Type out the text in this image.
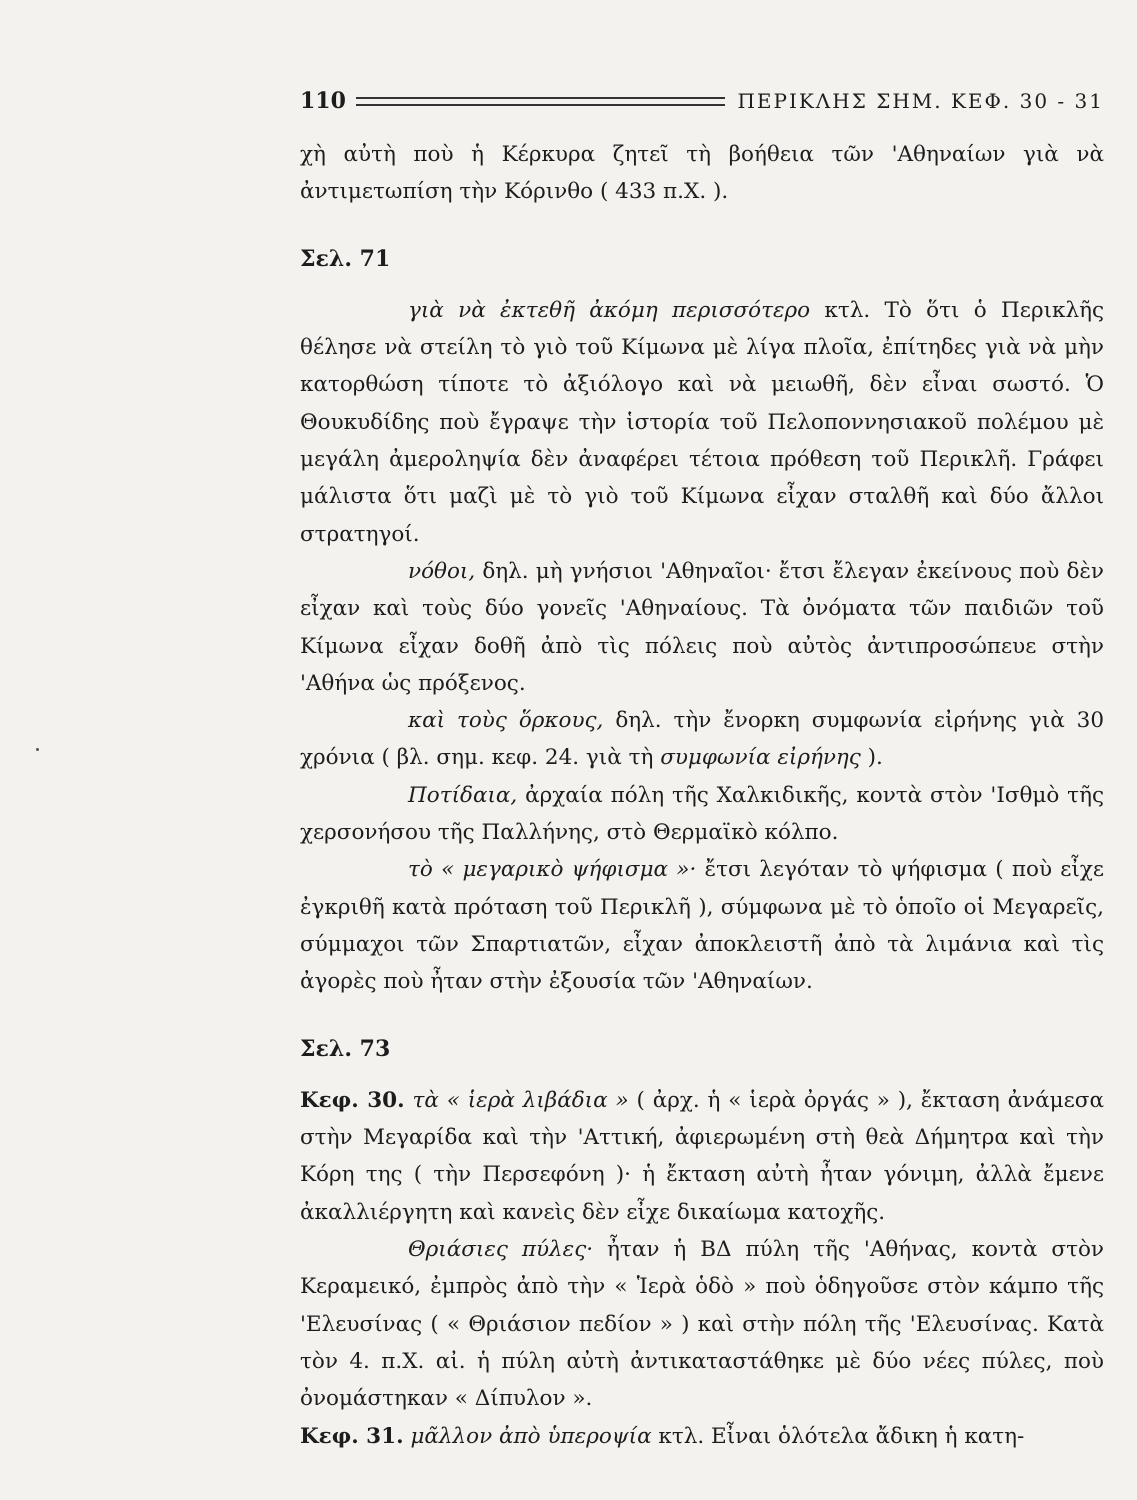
110	ΠΕΡΙΚΛΗΣ ΣΗΜ. ΚΕΦ. 30 - 31

χὴ αὐτὴ ποὺ ἡ Κέρκυρα ζητεῖ τὴ βοήθεια τῶν 'Αθηναίων γιὰ νὰ ἀντιμετωπίση τὴν Κόρινθο ( 433 π.Χ. ).

Σελ. 71

γιὰ νὰ ἐκτεθῆ ἀκόμη περισσότερο κτλ. Τὸ ὅτι ὁ Περικλῆς θέλησε νὰ στείλη τὸ γιὸ τοῦ Κίμωνα μὲ λίγα πλοῖα, ἐπίτηδες γιὰ νὰ μὴν κατορθώση τίποτε τὸ ἀξιόλογο καὶ νὰ μειωθῆ, δὲν εἶναι σωστό. Ὁ Θουκυδίδης ποὺ ἔγραψε τὴν ἱστορία τοῦ Πελοποννησιακοῦ πολέμου μὲ μεγάλη ἀμεροληψία δὲν ἀναφέρει τέτοια πρόθεση τοῦ Περικλῆ. Γράφει μάλιστα ὅτι μαζὶ μὲ τὸ γιὸ τοῦ Κίμωνα εἶχαν σταλθῆ καὶ δύο ἄλλοι στρατηγοί.

νόθοι, δηλ. μὴ γνήσιοι 'Αθηναῖοι· ἔτσι ἔλεγαν ἐκείνους ποὺ δὲν εἶχαν καὶ τοὺς δύο γονεῖς 'Αθηναίους. Τὰ ὀνόματα τῶν παιδιῶν τοῦ Κίμωνα εἶχαν δοθῆ ἀπὸ τὶς πόλεις ποὺ αὐτὸς ἀντιπροσώπευε στὴν 'Αθήνα ὡς πρόξενος.

καὶ τοὺς ὅρκους, δηλ. τὴν ἔνορκη συμφωνία εἰρήνης γιὰ 30 χρόνια ( βλ. σημ. κεφ. 24. γιὰ τὴ συμφωνία εἰρήνης ).

Ποτίδαια, ἀρχαία πόλη τῆς Χαλκιδικῆς, κοντὰ στὸν 'Ισθμὸ τῆς χερσονήσου τῆς Παλλήνης, στὸ Θερμαϊκὸ κόλπο.

τὸ « μεγαρικὸ ψήφισμα »· ἔτσι λεγόταν τὸ ψήφισμα ( ποὺ εἶχε ἐγκριθῆ κατὰ πρόταση τοῦ Περικλῆ ), σύμφωνα μὲ τὸ ὁποῖο οἱ Μεγαρεῖς, σύμμαχοι τῶν Σπαρτιατῶν, εἶχαν ἀποκλειστῆ ἀπὸ τὰ λιμάνια καὶ τὶς ἀγορὲς ποὺ ἦταν στὴν ἐξουσία τῶν 'Αθηναίων.

Σελ. 73

Κεφ. 30. τὰ « ἱερὰ λιβάδια » ( ἀρχ. ἡ « ἱερὰ ὀργάς » ), ἔκταση ἀνάμεσα στὴν Μεγαρίδα καὶ τὴν 'Αττική, ἀφιερωμένη στὴ θεὰ Δήμητρα καὶ τὴν Κόρη της ( τὴν Περσεφόνη )· ἡ ἔκταση αὐτὴ ἦταν γόνιμη, ἀλλὰ ἔμενε ἀκαλλιέργητη καὶ κανεὶς δὲν εἶχε δικαίωμα κατοχῆς.

Θριάσιες πύλες· ἦταν ἡ ΒΔ πύλη τῆς 'Αθήνας, κοντὰ στὸν Κεραμεικό, ἐμπρὸς ἀπὸ τὴν « Ἱερὰ ὁδὸ » ποὺ ὁδηγοῦσε στὸν κάμπο τῆς 'Ελευσίνας ( « Θριάσιον πεδίον » ) καὶ στὴν πόλη τῆς 'Ελευσίνας. Κατὰ τὸν 4. π.Χ. αἰ. ἡ πύλη αὐτὴ ἀντικαταστάθηκε μὲ δύο νέες πύλες, ποὺ ὀνομάστηκαν « Δίπυλον ».

Κεφ. 31. μᾶλλον ἀπὸ ὑπεροψία κτλ. Εἶναι ὁλότελα ἄδικη ἡ κατη-
